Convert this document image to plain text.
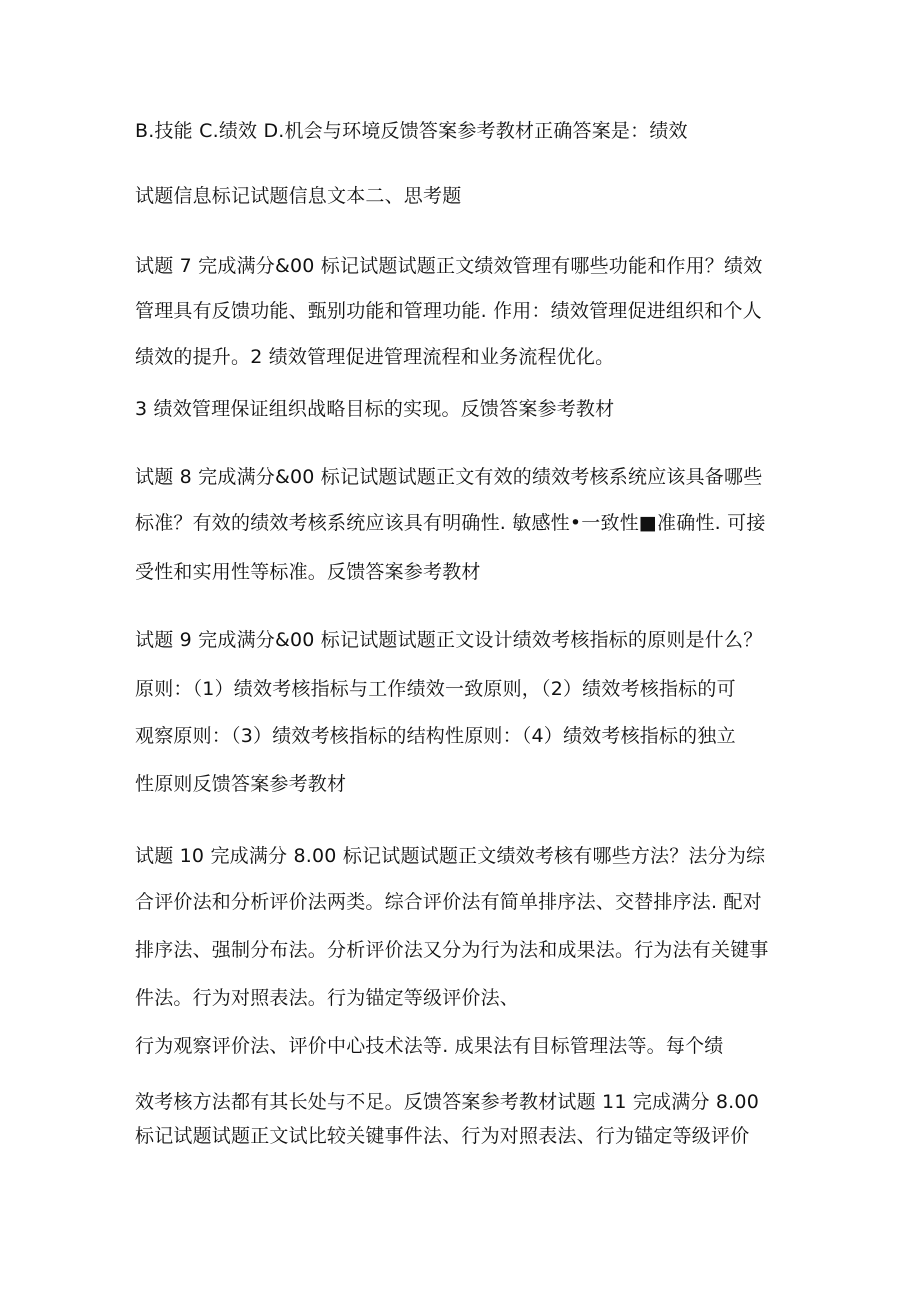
B.技能 C.绩效 D.机会与环境反馈答案参考教材正确答案是：绩效
试题信息标记试题信息文本二、思考题
试题 7 完成满分&00 标记试题试题正文绩效管理有哪些功能和作用？绩效
管理具有反馈功能、甄别功能和管理功能. 作用：绩效管理促进组织和个人
绩效的提升。2 绩效管理促进管理流程和业务流程优化。
3 绩效管理保证组织战略目标的实现。反馈答案参考教材
试题 8 完成满分&00 标记试题试题正文有效的绩效考核系统应该具备哪些
标准？有效的绩效考核系统应该具有明确性. 敏感性•一致性■准确性. 可接
受性和实用性等标准。反馈答案参考教材
试题 9 完成满分&00 标记试题试题正文设计绩效考核指标的原则是什么？
原则：（1）绩效考核指标与工作绩效一致原则，（2）绩效考核指标的可
观察原则：（3）绩效考核指标的结构性原则：（4）绩效考核指标的独立
性原则反馈答案参考教材
试题 10 完成满分 8.00 标记试题试题正文绩效考核有哪些方法？法分为综
合评价法和分析评价法两类。综合评价法有简单排序法、交替排序法. 配对
排序法、强制分布法。分析评价法又分为行为法和成果法。行为法有关键事
件法。行为对照表法。行为锚定等级评价法、
行为观察评价法、评价中心技术法等. 成果法有目标管理法等。每个绩
效考核方法都有其长处与不足。反馈答案参考教材试题 11 完成满分 8.00
标记试题试题正文试比较关键事件法、行为对照表法、行为锚定等级评价
